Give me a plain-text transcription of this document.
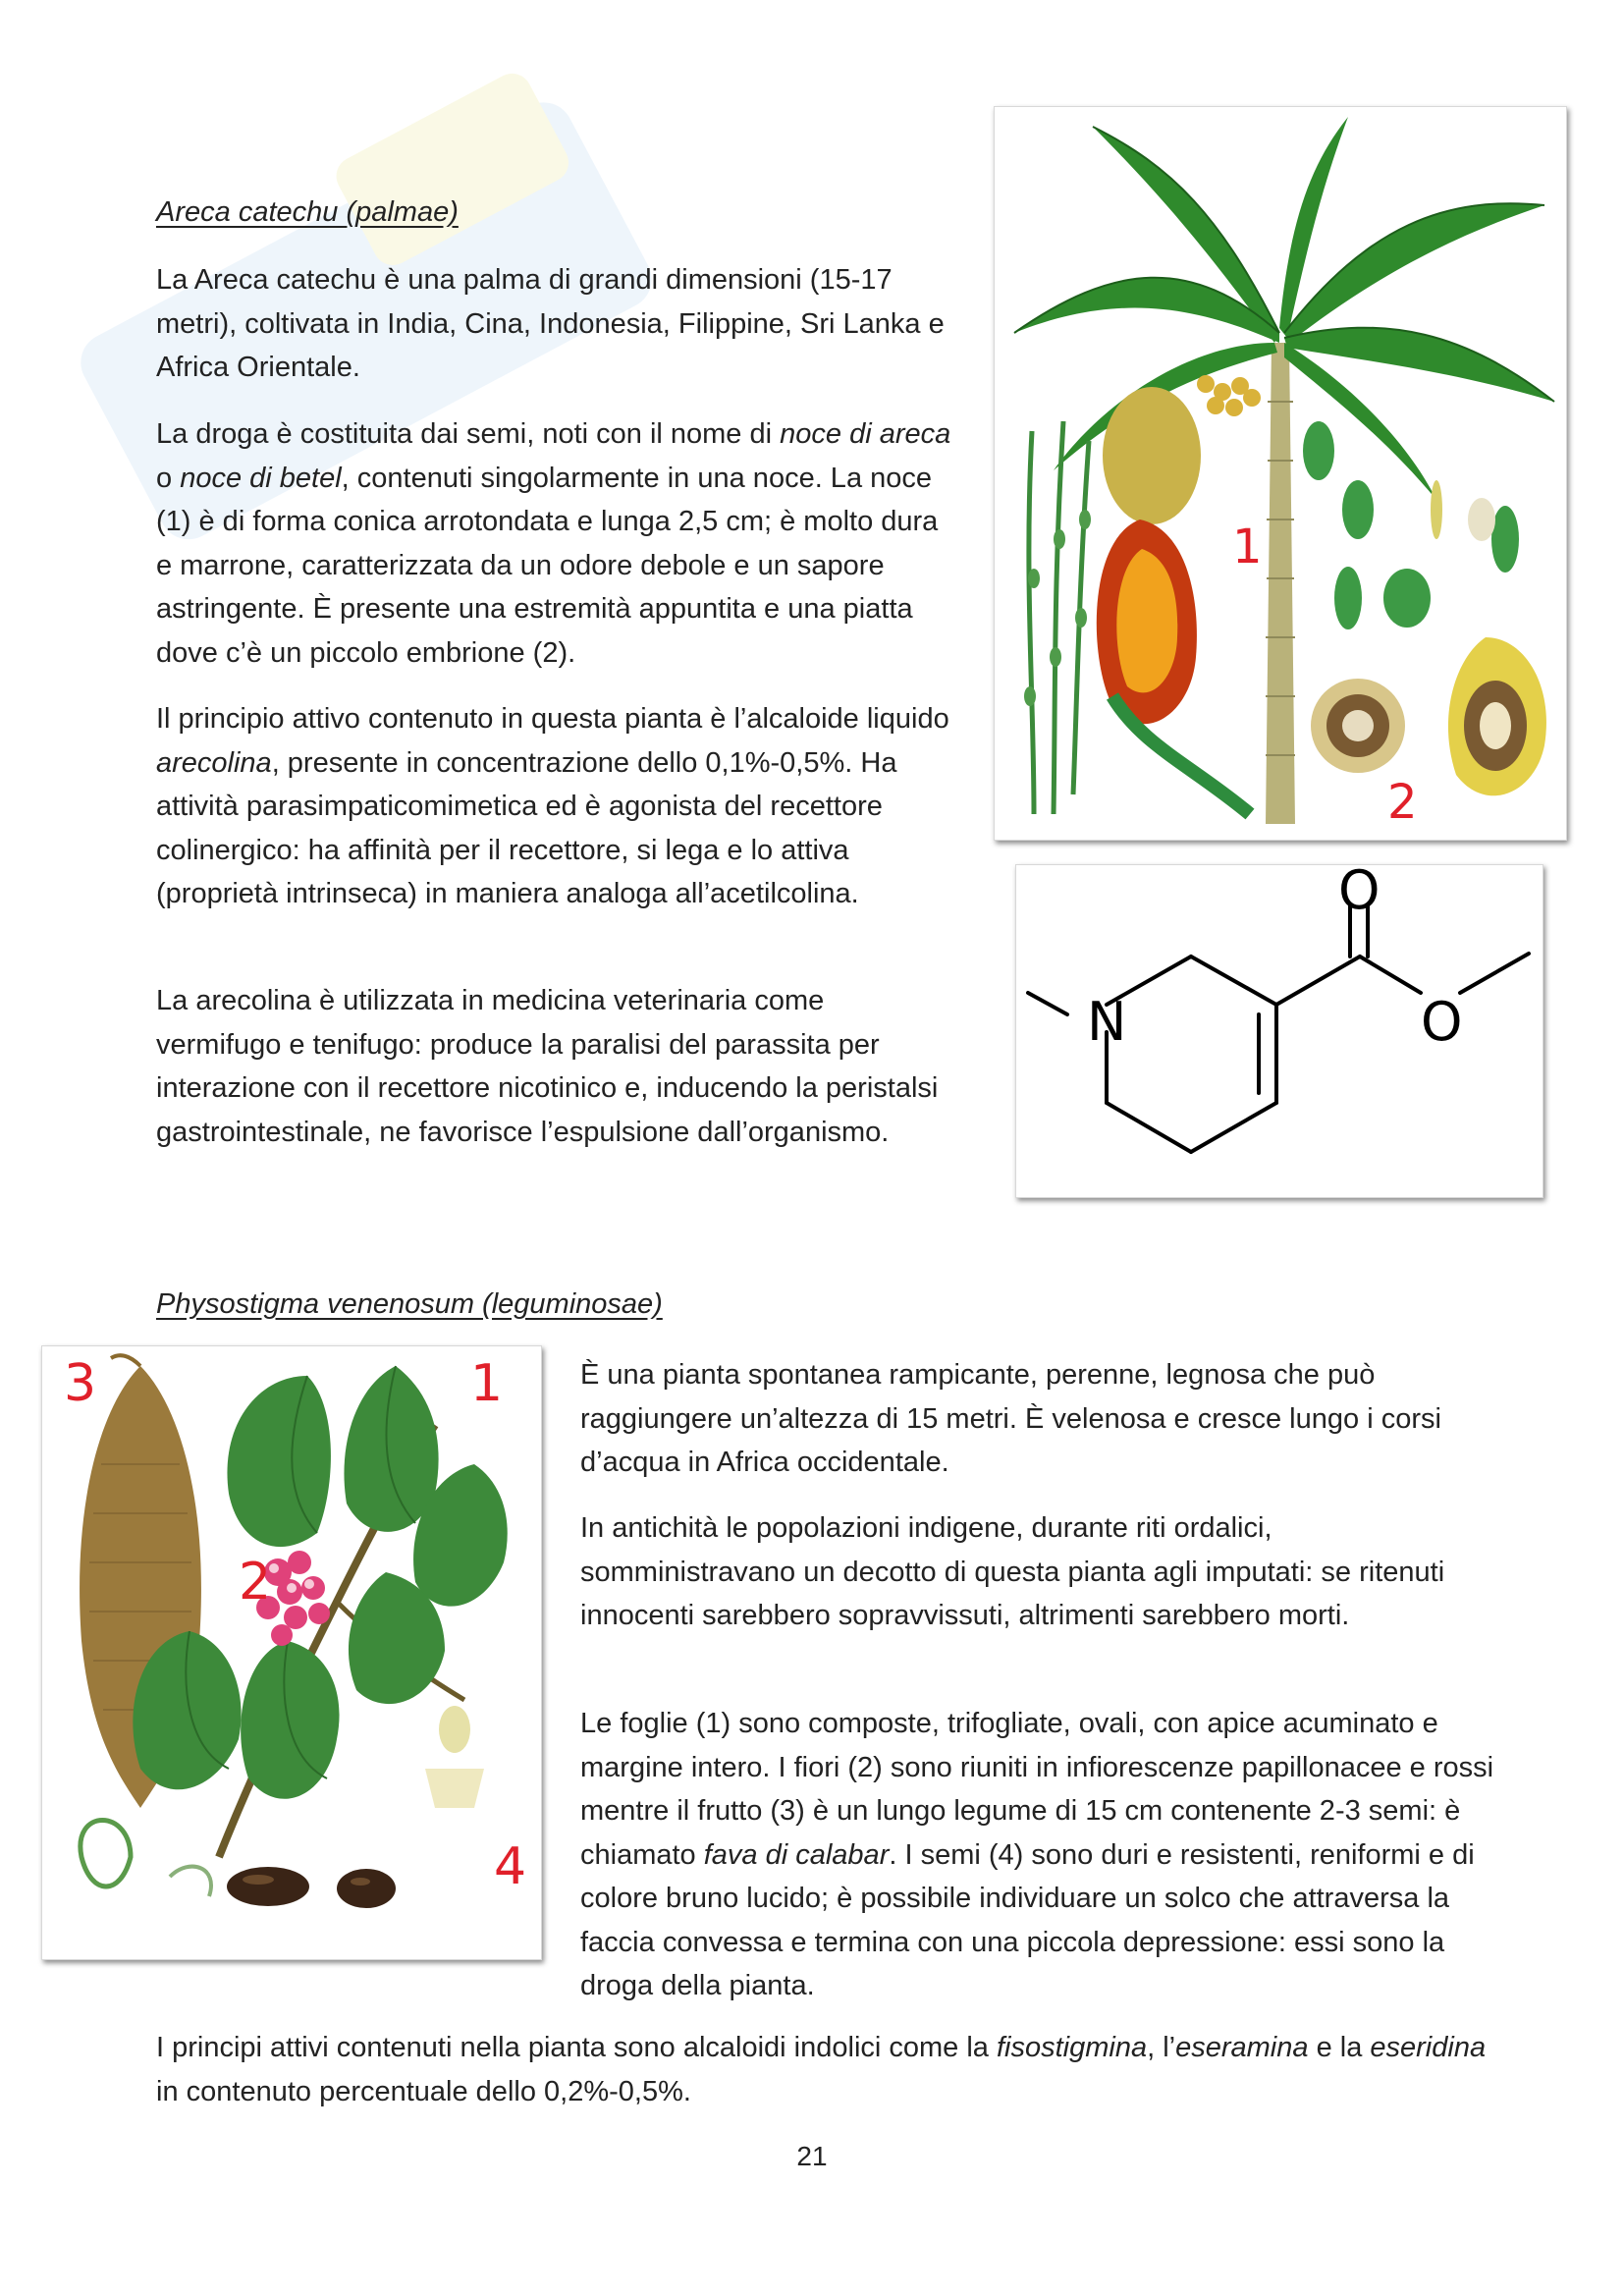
Areca catechu (palmae)

La Areca catechu è una palma di grandi dimensioni (15-17 metri), coltivata in India, Cina, Indonesia, Filippine, Sri Lanka e Africa Orientale.

La droga è costituita dai semi, noti con il nome di noce di areca o noce di betel, contenuti singolarmente in una noce. La noce (1) è di forma conica arrotondata e lunga 2,5 cm; è molto dura e marrone, caratterizzata da un odore debole e un sapore astringente. È presente una estremità appuntita e una piatta dove c’è un piccolo embrione (2).

Il principio attivo contenuto in questa pianta è l’alcaloide liquido arecolina, presente in concentrazione dello 0,1%-0,5%. Ha attività parasimpaticomimetica ed è agonista del recettore colinergico: ha affinità per il recettore, si lega e lo attiva (proprietà intrinseca) in maniera analoga all’acetilcolina.

La arecolina è utilizzata in medicina veterinaria come vermifugo e tenifugo: produce la paralisi del parassita per interazione con il recettore nicotinico e, inducendo la peristalsi gastrointestinale, ne favorisce l’espulsione dall’organismo.

1
2
N
O
O
Physostigma venenosum (leguminosae)
3	1
2
4

È una pianta spontanea rampicante, perenne, legnosa che può raggiungere un’altezza di 15 metri. È velenosa e cresce lungo i corsi d’acqua in Africa occidentale.

In antichità le popolazioni indigene, durante riti ordalici, somministravano un decotto di questa pianta agli imputati: se ritenuti innocenti sarebbero sopravvissuti, altrimenti sarebbero morti.

Le foglie (1) sono composte, trifogliate, ovali, con apice acuminato e margine intero. I fiori (2) sono riuniti in infiorescenze papillonacee e rossi mentre il frutto (3) è un lungo legume di 15 cm contenente 2-3 semi: è chiamato fava di calabar. I semi (4) sono duri e resistenti, reniformi e di colore bruno lucido; è possibile individuare un solco che attraversa la faccia convessa e termina con una piccola depressione: essi sono la droga della pianta.

I principi attivi contenuti nella pianta sono alcaloidi indolici come la fisostigmina, l’eseramina e la eseridina in contenuto percentuale dello 0,2%-0,5%.

21
